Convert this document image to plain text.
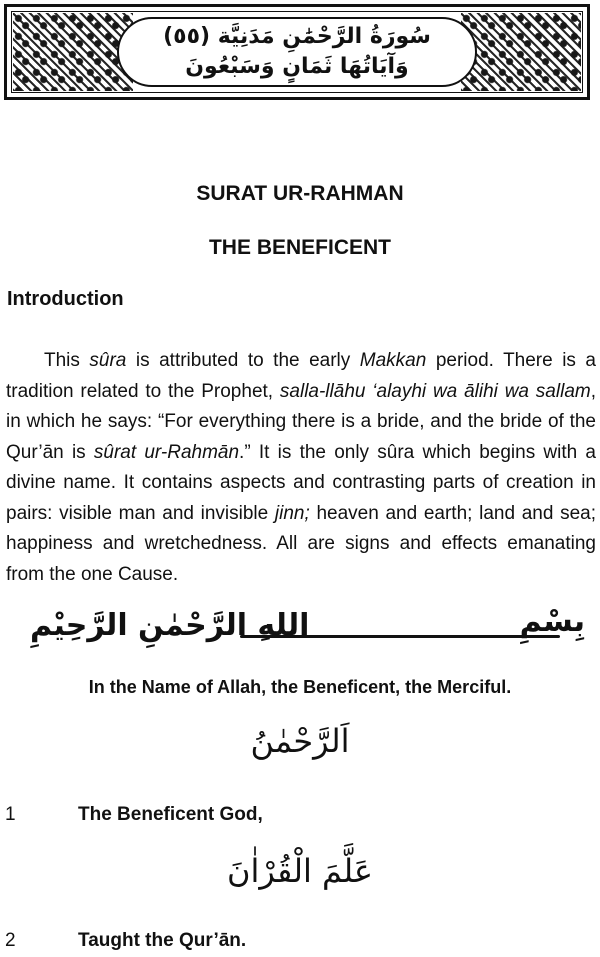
سُورَةُ الرَّحْمَٰنِ مَدَنِيَّة (٥٥)
وَآيَاتُهَا ثَمَانٍ وَسَبْعُونَ
SURAT UR-RAHMAN
THE BENEFICENT
Introduction

This sûra is attributed to the early Makkan period. There is a tradition related to the Prophet, salla-llāhu ‘alayhi wa ālihi wa sallam, in which he says: “For everything there is a bride, and the bride of the Qur’ān is sûrat ur-Rahmān.” It is the only sûra which begins with a divine name. It contains aspects and contrasting parts of creation in pairs: visible man and invisible jinn; heaven and earth; land and sea; happiness and wretchedness. All are signs and effects emanating from the one Cause.

بِسْمِ
اللهِ الرَّحْمٰنِ الرَّحِيْمِ
In the Name of Allah, the Beneficent, the Merciful.
اَلرَّحْمٰنُ
1	The Beneficent God,
عَلَّمَ الْقُرْاٰنَ
2	Taught the Qur’ān.
